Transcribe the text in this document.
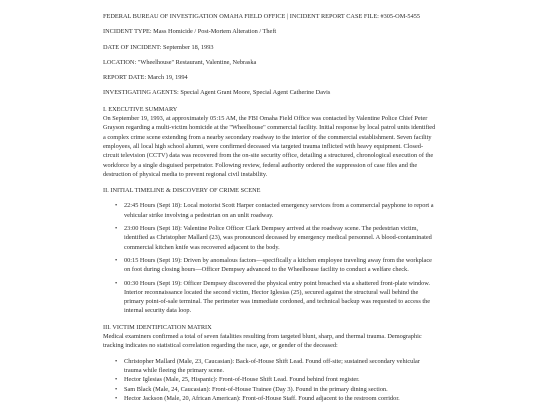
FEDERAL BUREAU OF INVESTIGATION OMAHA FIELD OFFICE | INCIDENT REPORT CASE FILE: #305-OM-5455

INCIDENT TYPE: Mass Homicide / Post-Mortem Alteration / Theft

DATE OF INCIDENT: September 18, 1993

LOCATION: "Wheelhouse" Restaurant, Valentine, Nebraska

REPORT DATE: March 19, 1994

INVESTIGATING AGENTS: Special Agent Grant Moore, Special Agent Catherine Davis

I. EXECUTIVE SUMMARY

On September 19, 1993, at approximately 05:15 AM, the FBI Omaha Field Office was contacted by Valentine Police Chief Peter Grayson regarding a multi-victim homicide at the "Wheelhouse" commercial facility. Initial response by local patrol units identified a complex crime scene extending from a nearby secondary roadway to the interior of the commercial establishment. Seven facility employees, all local high school alumni, were confirmed deceased via targeted trauma inflicted with heavy equipment. Closed-circuit television (CCTV) data was recovered from the on-site security office, detailing a structured, chronological execution of the workforce by a single disguised perpetrator. Following review, federal authority ordered the suppression of case files and the destruction of physical media to prevent regional civil instability.

II. INITIAL TIMELINE & DISCOVERY OF CRIME SCENE

• 22:45 Hours (Sept 18): Local motorist Scott Harper contacted emergency services from a commercial payphone to report a vehicular strike involving a pedestrian on an unlit roadway.
• 23:00 Hours (Sept 18): Valentine Police Officer Clark Dempsey arrived at the roadway scene. The pedestrian victim, identified as Christopher Mallard (23), was pronounced deceased by emergency medical personnel. A blood-contaminated commercial kitchen knife was recovered adjacent to the body.
• 00:15 Hours (Sept 19): Driven by anomalous factors—specifically a kitchen employee traveling away from the workplace on foot during closing hours—Officer Dempsey advanced to the Wheelhouse facility to conduct a welfare check.
• 00:30 Hours (Sept 19): Officer Dempsey discovered the physical entry point breached via a shattered front-plate window. Interior reconnaissance located the second victim, Hector Iglesias (25), secured against the structural wall behind the primary point-of-sale terminal. The perimeter was immediate cordoned, and technical backup was requested to access the internal security data loop.

III. VICTIM IDENTIFICATION MATRIX

Medical examiners confirmed a total of seven fatalities resulting from targeted blunt, sharp, and thermal trauma. Demographic tracking indicates no statistical correlation regarding the race, age, or gender of the deceased:

• Christopher Mallard (Male, 23, Caucasian): Back-of-House Shift Lead. Found off-site; sustained secondary vehicular trauma while fleeing the primary scene.
• Hector Iglesias (Male, 25, Hispanic): Front-of-House Shift Lead. Found behind front register.
• Sam Black (Male, 24, Caucasian): Front-of-House Trainee (Day 3). Found in the primary dining section.
• Hector Jackson (Male, 20, African American): Front-of-House Staff. Found adjacent to the restroom corridor.
